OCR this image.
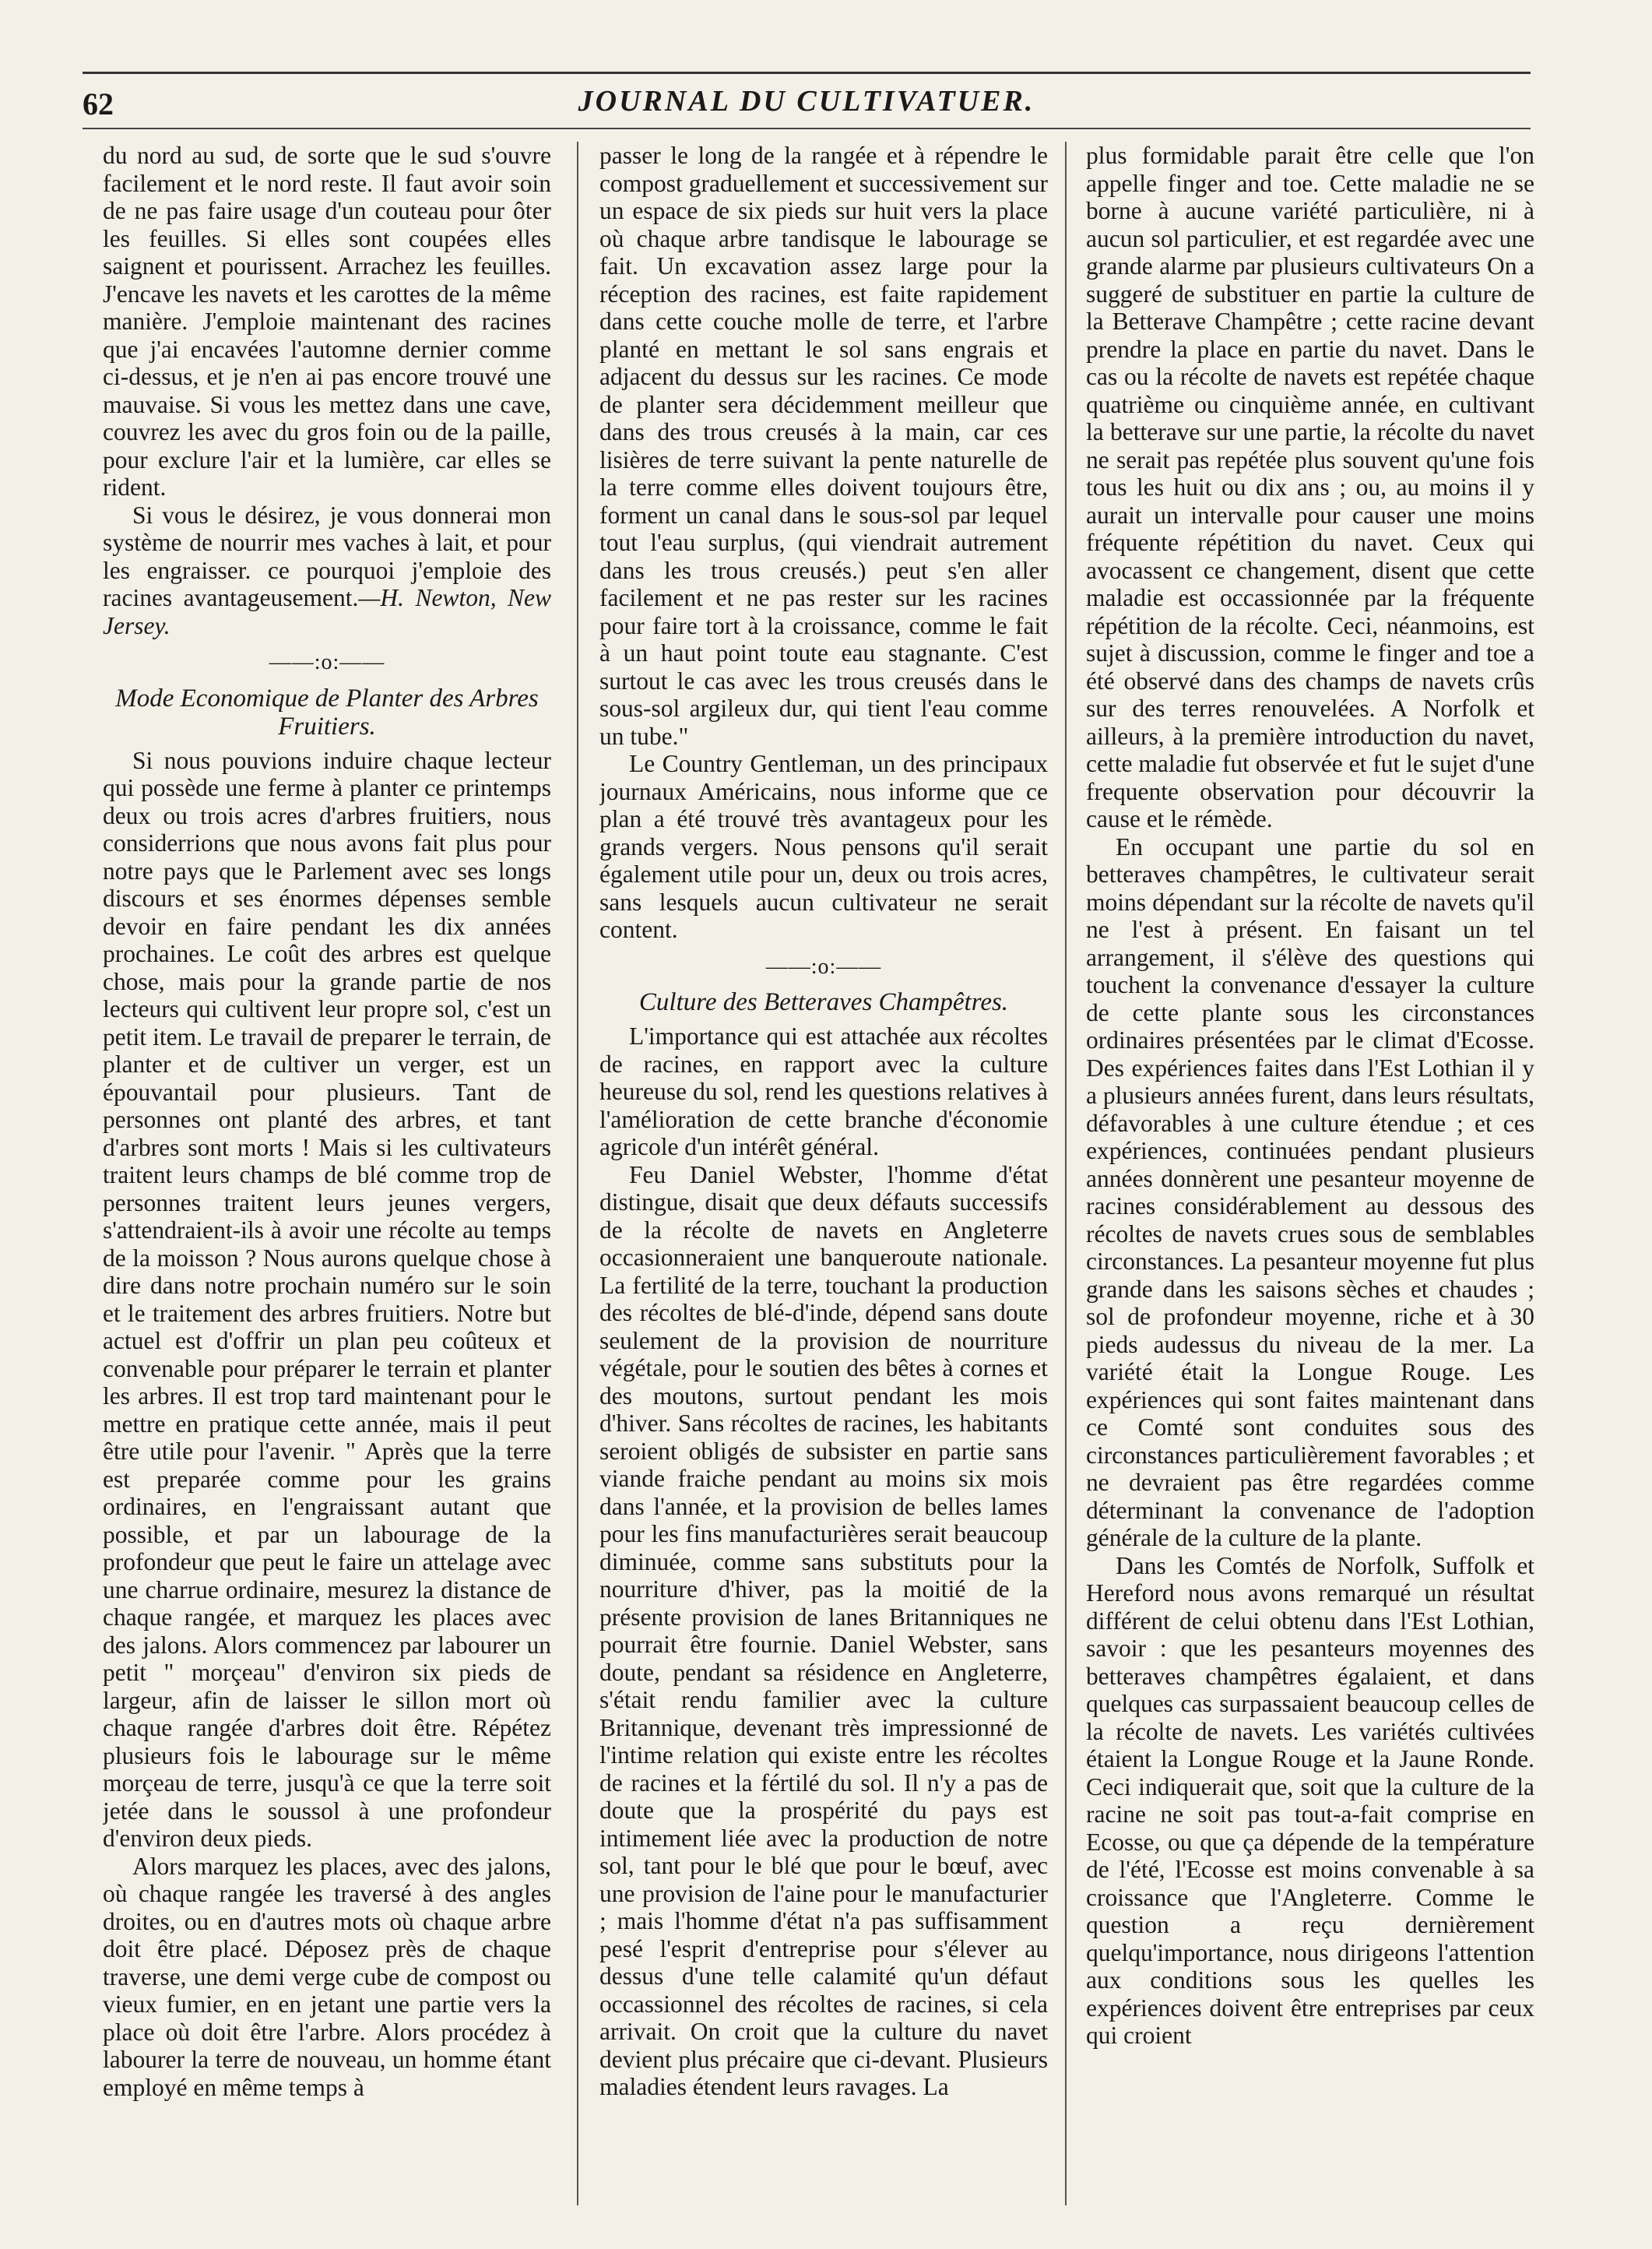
62	JOURNAL DU CULTIVATUER.

du nord au sud, de sorte que le sud s'ouvre facilement et le nord reste. Il faut avoir soin de ne pas faire usage d'un couteau pour ôter les feuilles. Si elles sont coupées elles saignent et pourissent. Arrachez les feuilles. J'encave les navets et les carottes de la même manière. J'emploie maintenant des racines que j'ai encavées l'automne dernier comme ci-dessus, et je n'en ai pas encore trouvé une mauvaise. Si vous les mettez dans une cave, couvrez les avec du gros foin ou de la paille, pour exclure l'air et la lumière, car elles se rident.

Si vous le désirez, je vous donnerai mon système de nourrir mes vaches à lait, et pour les engraisser. ce pourquoi j'emploie des racines avantageusement.—H. Newton, New Jersey.

——:o:——
Mode Economique de Planter des Arbres Fruitiers.

Si nous pouvions induire chaque lecteur qui possède une ferme à planter ce printemps deux ou trois acres d'arbres fruitiers, nous considerrions que nous avons fait plus pour notre pays que le Parlement avec ses longs discours et ses énormes dépenses semble devoir en faire pendant les dix années prochaines. Le coût des arbres est quelque chose, mais pour la grande partie de nos lecteurs qui cultivent leur propre sol, c'est un petit item. Le travail de preparer le terrain, de planter et de cultiver un verger, est un épouvantail pour plusieurs. Tant de personnes ont planté des arbres, et tant d'arbres sont morts ! Mais si les cultivateurs traitent leurs champs de blé comme trop de personnes traitent leurs jeunes vergers, s'attendraient-ils à avoir une récolte au temps de la moisson ? Nous aurons quelque chose à dire dans notre prochain numéro sur le soin et le traitement des arbres fruitiers. Notre but actuel est d'offrir un plan peu coûteux et convenable pour préparer le terrain et planter les arbres. Il est trop tard maintenant pour le mettre en pratique cette année, mais il peut être utile pour l'avenir. " Après que la terre est preparée comme pour les grains ordinaires, en l'engraissant autant que possible, et par un labourage de la profondeur que peut le faire un attelage avec une charrue ordinaire, mesurez la distance de chaque rangée, et marquez les places avec des jalons. Alors commencez par labourer un petit " morçeau" d'environ six pieds de largeur, afin de laisser le sillon mort où chaque rangée d'arbres doit être. Répétez plusieurs fois le labourage sur le même morçeau de terre, jusqu'à ce que la terre soit jetée dans le soussol à une profondeur d'environ deux pieds.

Alors marquez les places, avec des jalons, où chaque rangée les traversé à des angles droites, ou en d'autres mots où chaque arbre doit être placé. Déposez près de chaque traverse, une demi verge cube de compost ou vieux fumier, en en jetant une partie vers la place où doit être l'arbre. Alors procédez à labourer la terre de nouveau, un homme étant employé en même temps à

passer le long de la rangée et à répendre le compost graduellement et successivement sur un espace de six pieds sur huit vers la place où chaque arbre tandisque le labourage se fait. Un excavation assez large pour la réception des racines, est faite rapidement dans cette couche molle de terre, et l'arbre planté en mettant le sol sans engrais et adjacent du dessus sur les racines. Ce mode de planter sera décidemment meilleur que dans des trous creusés à la main, car ces lisières de terre suivant la pente naturelle de la terre comme elles doivent toujours être, forment un canal dans le sous-sol par lequel tout l'eau surplus, (qui viendrait autrement dans les trous creusés.) peut s'en aller facilement et ne pas rester sur les racines pour faire tort à la croissance, comme le fait à un haut point toute eau stagnante. C'est surtout le cas avec les trous creusés dans le sous-sol argileux dur, qui tient l'eau comme un tube."

Le Country Gentleman, un des principaux journaux Américains, nous informe que ce plan a été trouvé très avantageux pour les grands vergers. Nous pensons qu'il serait également utile pour un, deux ou trois acres, sans lesquels aucun cultivateur ne serait content.

——:o:——
Culture des Betteraves Champêtres.

L'importance qui est attachée aux récoltes de racines, en rapport avec la culture heureuse du sol, rend les questions relatives à l'amélioration de cette branche d'économie agricole d'un intérêt général.

Feu Daniel Webster, l'homme d'état distingue, disait que deux défauts successifs de la récolte de navets en Angleterre occasionneraient une banqueroute nationale. La fertilité de la terre, touchant la production des récoltes de blé-d'inde, dépend sans doute seulement de la provision de nourriture végétale, pour le soutien des bêtes à cornes et des moutons, surtout pendant les mois d'hiver. Sans récoltes de racines, les habitants seroient obligés de subsister en partie sans viande fraiche pendant au moins six mois dans l'année, et la provision de belles lames pour les fins manufacturières serait beaucoup diminuée, comme sans substituts pour la nourriture d'hiver, pas la moitié de la présente provision de lanes Britanniques ne pourrait être fournie. Daniel Webster, sans doute, pendant sa résidence en Angleterre, s'était rendu familier avec la culture Britannique, devenant très impressionné de l'intime relation qui existe entre les récoltes de racines et la fértilé du sol. Il n'y a pas de doute que la prospérité du pays est intimement liée avec la production de notre sol, tant pour le blé que pour le bœuf, avec une provision de l'aine pour le manufacturier ; mais l'homme d'état n'a pas suffisamment pesé l'esprit d'entreprise pour s'élever au dessus d'une telle calamité qu'un défaut occassionnel des récoltes de racines, si cela arrivait. On croit que la culture du navet devient plus précaire que ci-devant. Plusieurs maladies étendent leurs ravages. La

plus formidable parait être celle que l'on appelle finger and toe. Cette maladie ne se borne à aucune variété particulière, ni à aucun sol particulier, et est regardée avec une grande alarme par plusieurs cultivateurs On a suggeré de substituer en partie la culture de la Betterave Champêtre ; cette racine devant prendre la place en partie du navet. Dans le cas ou la récolte de navets est repétée chaque quatrième ou cinquième année, en cultivant la betterave sur une partie, la récolte du navet ne serait pas repétée plus souvent qu'une fois tous les huit ou dix ans ; ou, au moins il y aurait un intervalle pour causer une moins fréquente répétition du navet. Ceux qui avocassent ce changement, disent que cette maladie est occassionnée par la fréquente répétition de la récolte. Ceci, néanmoins, est sujet à discussion, comme le finger and toe a été observé dans des champs de navets crûs sur des terres renouvelées. A Norfolk et ailleurs, à la première introduction du navet, cette maladie fut observée et fut le sujet d'une frequente observation pour découvrir la cause et le rémède.

En occupant une partie du sol en betteraves champêtres, le cultivateur serait moins dépendant sur la récolte de navets qu'il ne l'est à présent. En faisant un tel arrangement, il s'élève des questions qui touchent la convenance d'essayer la culture de cette plante sous les circonstances ordinaires présentées par le climat d'Ecosse. Des expériences faites dans l'Est Lothian il y a plusieurs années furent, dans leurs résultats, défavorables à une culture étendue ; et ces expériences, continuées pendant plusieurs années donnèrent une pesanteur moyenne de racines considérablement au dessous des récoltes de navets crues sous de semblables circonstances. La pesanteur moyenne fut plus grande dans les saisons sèches et chaudes ; sol de profondeur moyenne, riche et à 30 pieds audessus du niveau de la mer. La variété était la Longue Rouge. Les expériences qui sont faites maintenant dans ce Comté sont conduites sous des circonstances particulièrement favorables ; et ne devraient pas être regardées comme déterminant la convenance de l'adoption générale de la culture de la plante.

Dans les Comtés de Norfolk, Suffolk et Hereford nous avons remarqué un résultat différent de celui obtenu dans l'Est Lothian, savoir : que les pesanteurs moyennes des betteraves champêtres égalaient, et dans quelques cas surpassaient beaucoup celles de la récolte de navets. Les variétés cultivées étaient la Longue Rouge et la Jaune Ronde. Ceci indiquerait que, soit que la culture de la racine ne soit pas tout-a-fait comprise en Ecosse, ou que ça dépende de la température de l'été, l'Ecosse est moins convenable à sa croissance que l'Angleterre. Comme le question a reçu dernièrement quelqu'importance, nous dirigeons l'attention aux conditions sous les quelles les expériences doivent être entreprises par ceux qui croient
